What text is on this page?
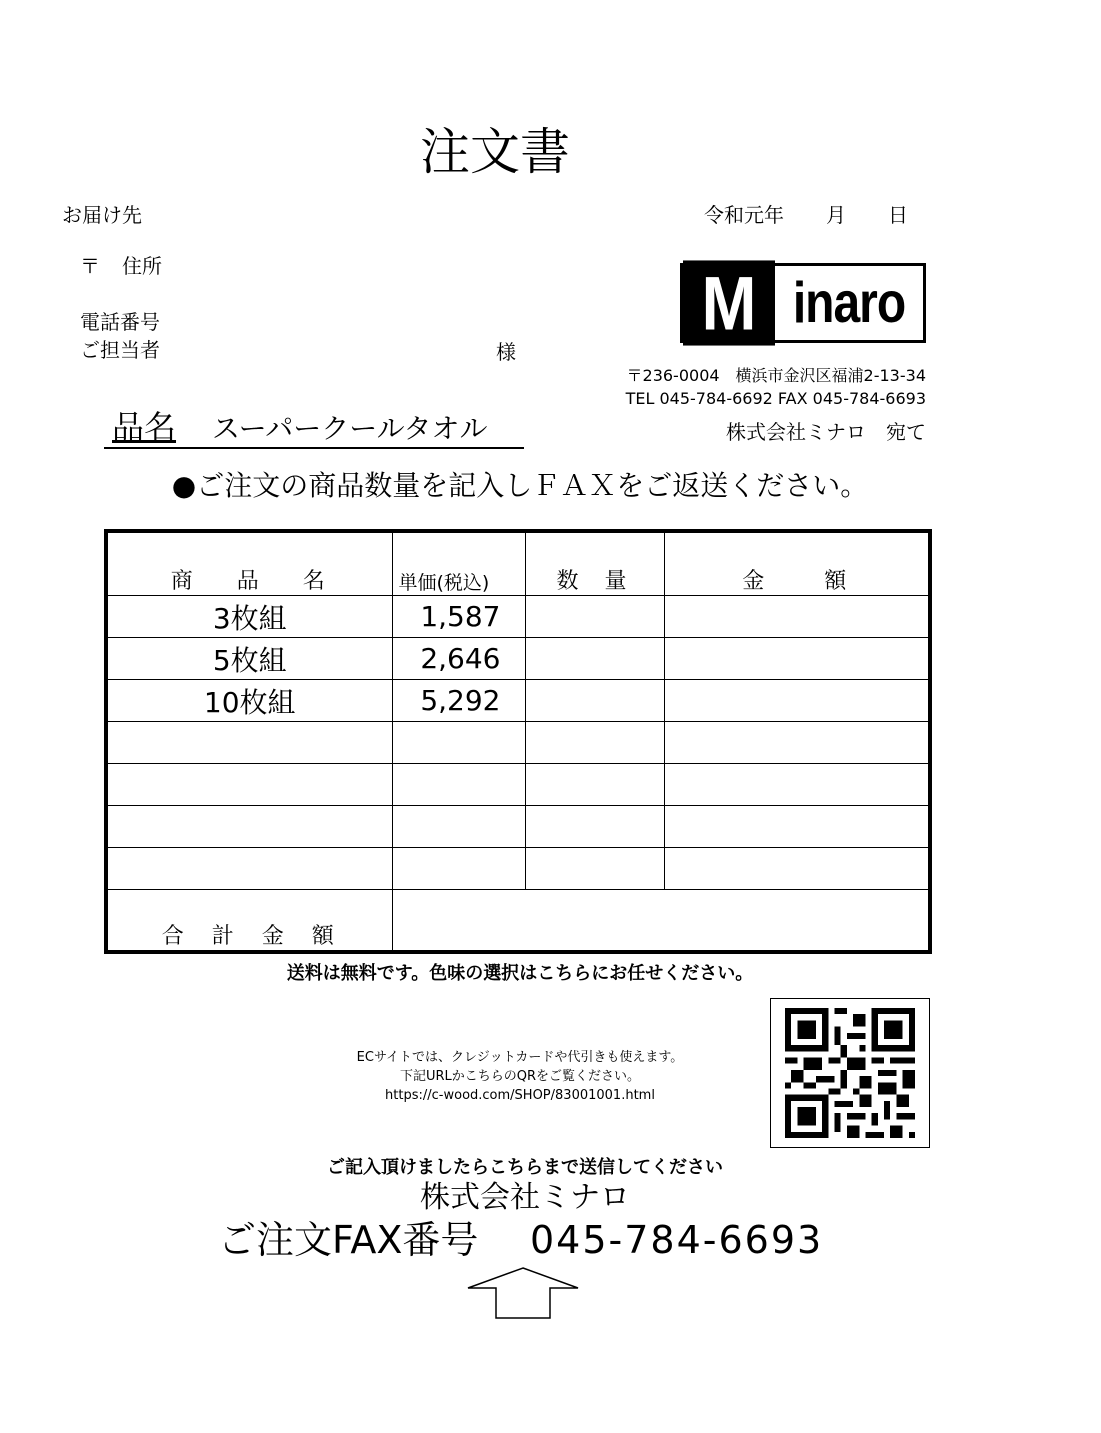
注文書
お届け先
〒 住所
電話番号
ご担当者	様
令和元年 月 日
M inaro
〒236-0004　横浜市金沢区福浦2-13-34
TEL 045-784-6692 FAX 045-784-6693
株式会社ミナロ　宛て
品名 スーパークールタオル
●ご注文の商品数量を記入しＦＡＸをご返送ください。
商品名	単価(税込)	数量	金額
3枚組	1,587		
5枚組	2,646		
10枚組	5,292		

合計金額			
送料は無料です。色味の選択はこちらにお任せください。
ECサイトでは、クレジットカードや代引きも使えます。
下記URLかこちらのQRをご覧ください。
https://c-wood.com/SHOP/83001001.html
ご記入頂けましたらこちらまで送信してください
株式会社ミナロ
ご注文FAX番号 045-784-6693
